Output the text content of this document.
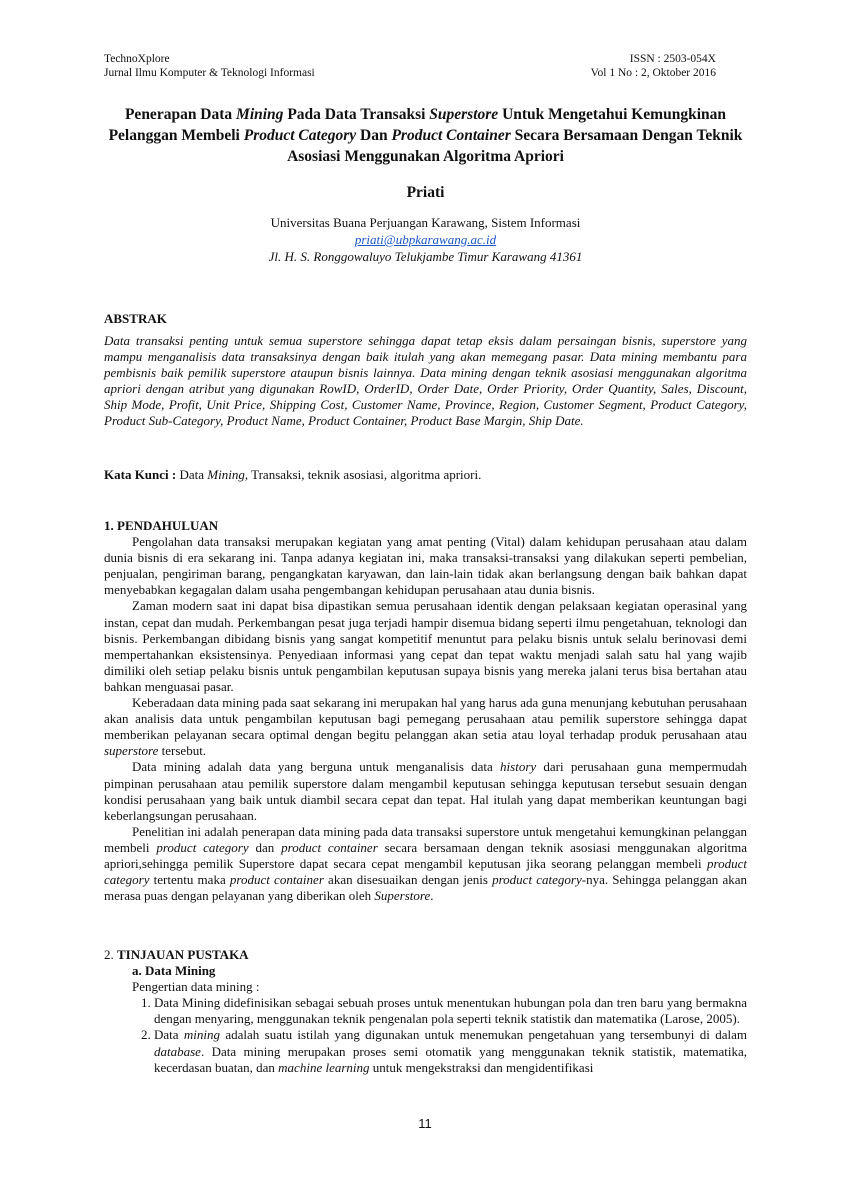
TechnoXplore	ISSN : 2503-054X
Jurnal Ilmu Komputer & Teknologi Informasi	Vol 1 No : 2, Oktober 2016
Penerapan Data Mining Pada Data Transaksi Superstore Untuk Mengetahui Kemungkinan Pelanggan Membeli Product Category Dan Product Container Secara Bersamaan Dengan Teknik Asosiasi Menggunakan Algoritma Apriori
Priati
Universitas Buana Perjuangan Karawang, Sistem Informasi
priati@ubpkarawang.ac.id
Jl. H. S. Ronggowaluyo Telukjambe Timur Karawang 41361
ABSTRAK
Data transaksi penting untuk semua superstore sehingga dapat tetap eksis dalam persaingan bisnis, superstore yang mampu menganalisis data transaksinya dengan baik itulah yang akan memegang pasar. Data mining membantu para pembisnis baik pemilik superstore ataupun bisnis lainnya. Data mining dengan teknik asosiasi menggunakan algoritma apriori dengan atribut yang digunakan RowID, OrderID, Order Date, Order Priority, Order Quantity, Sales, Discount, Ship Mode, Profit, Unit Price, Shipping Cost, Customer Name, Province, Region, Customer Segment, Product Category, Product Sub-Category, Product Name, Product Container, Product Base Margin, Ship Date.
Kata Kunci : Data Mining, Transaksi, teknik asosiasi, algoritma apriori.
1. PENDAHULUAN

Pengolahan data transaksi merupakan kegiatan yang amat penting (Vital) dalam kehidupan perusahaan atau dalam dunia bisnis di era sekarang ini. Tanpa adanya kegiatan ini, maka transaksi-transaksi yang dilakukan seperti pembelian, penjualan, pengiriman barang, pengangkatan karyawan, dan lain-lain tidak akan berlangsung dengan baik bahkan dapat menyebabkan kegagalan dalam usaha pengembangan kehidupan perusahaan atau dunia bisnis.

Zaman modern saat ini dapat bisa dipastikan semua perusahaan identik dengan pelaksaan kegiatan operasinal yang instan, cepat dan mudah. Perkembangan pesat juga terjadi hampir disemua bidang seperti ilmu pengetahuan, teknologi dan bisnis. Perkembangan dibidang bisnis yang sangat kompetitif menuntut para pelaku bisnis untuk selalu berinovasi demi mempertahankan eksistensinya. Penyediaan informasi yang cepat dan tepat waktu menjadi salah satu hal yang wajib dimiliki oleh setiap pelaku bisnis untuk pengambilan keputusan supaya bisnis yang mereka jalani terus bisa bertahan atau bahkan menguasai pasar.

Keberadaan data mining pada saat sekarang ini merupakan hal yang harus ada guna menunjang kebutuhan perusahaan akan analisis data untuk pengambilan keputusan bagi pemegang perusahaan atau pemilik superstore sehingga dapat memberikan pelayanan secara optimal dengan begitu pelanggan akan setia atau loyal terhadap produk perusahaan atau superstore tersebut.

Data mining adalah data yang berguna untuk menganalisis data history dari perusahaan guna mempermudah pimpinan perusahaan atau pemilik superstore dalam mengambil keputusan sehingga keputusan tersebut sesuain dengan kondisi perusahaan yang baik untuk diambil secara cepat dan tepat. Hal itulah yang dapat memberikan keuntungan bagi keberlangsungan perusahaan.

Penelitian ini adalah penerapan data mining pada data transaksi superstore untuk mengetahui kemungkinan pelanggan membeli product category dan product container secara bersamaan dengan teknik asosiasi menggunakan algoritma apriori,sehingga pemilik Superstore dapat secara cepat mengambil keputusan jika seorang pelanggan membeli product category tertentu maka product container akan disesuaikan dengan jenis product category-nya. Sehingga pelanggan akan merasa puas dengan pelayanan yang diberikan oleh Superstore.

2. TINJAUAN PUSTAKA
a. Data Mining
Pengertian data mining :
1. Data Mining didefinisikan sebagai sebuah proses untuk menentukan hubungan pola dan tren baru yang bermakna dengan menyaring, menggunakan teknik pengenalan pola seperti teknik statistik dan matematika (Larose, 2005).
2. Data mining adalah suatu istilah yang digunakan untuk menemukan pengetahuan yang tersembunyi di dalam database. Data mining merupakan proses semi otomatik yang menggunakan teknik statistik, matematika, kecerdasan buatan, dan machine learning untuk mengekstraksi dan mengidentifikasi
11
